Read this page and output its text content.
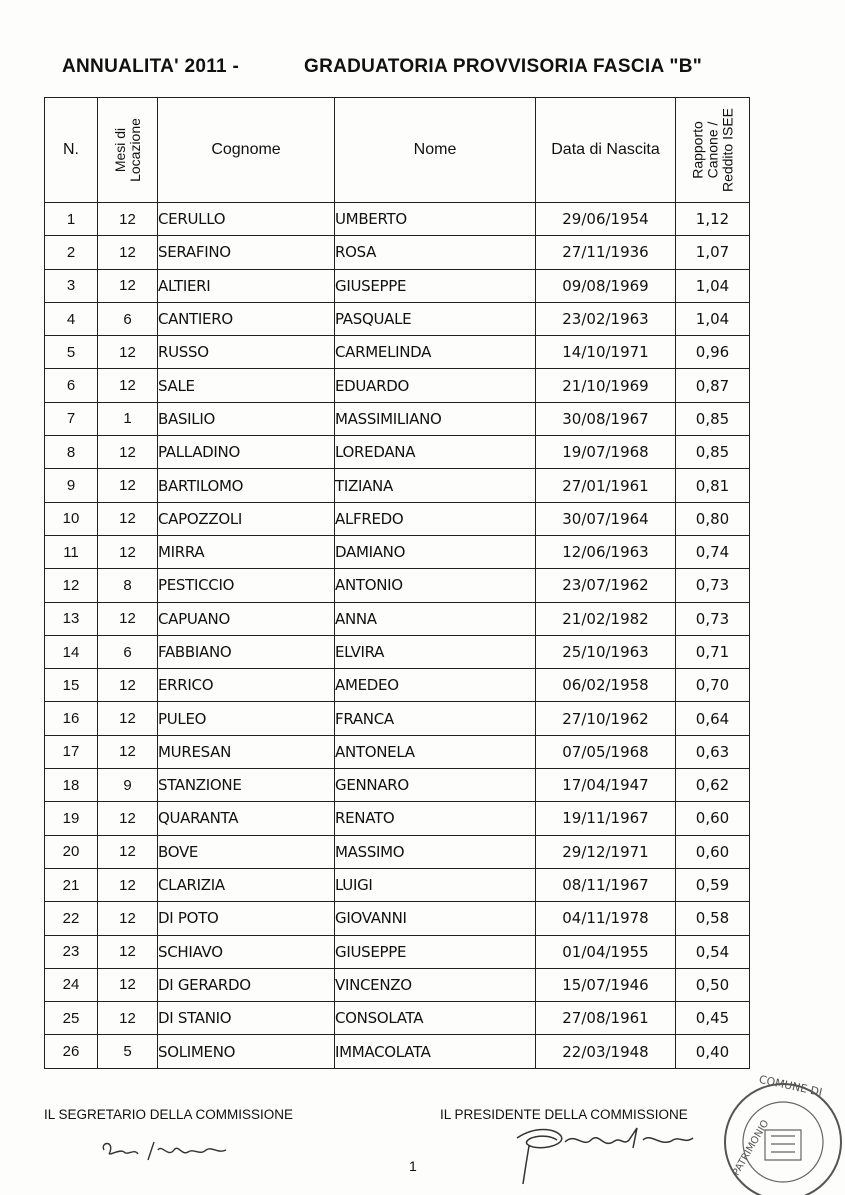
ANNUALITA' 2011 -	GRADUATORIA PROVVISORIA FASCIA "B"
N.	Mesi di Locazione	Cognome	Nome	Data di Nascita	Rapporto Canone / Reddito ISEE

1	12	CERULLO	UMBERTO	29/06/1954	1,12
2	12	SERAFINO	ROSA	27/11/1936	1,07
3	12	ALTIERI	GIUSEPPE	09/08/1969	1,04
4	6	CANTIERO	PASQUALE	23/02/1963	1,04
5	12	RUSSO	CARMELINDA	14/10/1971	0,96
6	12	SALE	EDUARDO	21/10/1969	0,87
7	1	BASILIO	MASSIMILIANO	30/08/1967	0,85
8	12	PALLADINO	LOREDANA	19/07/1968	0,85
9	12	BARTILOMO	TIZIANA	27/01/1961	0,81
10	12	CAPOZZOLI	ALFREDO	30/07/1964	0,80
11	12	MIRRA	DAMIANO	12/06/1963	0,74
12	8	PESTICCIO	ANTONIO	23/07/1962	0,73
13	12	CAPUANO	ANNA	21/02/1982	0,73
14	6	FABBIANO	ELVIRA	25/10/1963	0,71
15	12	ERRICO	AMEDEO	06/02/1958	0,70
16	12	PULEO	FRANCA	27/10/1962	0,64
17	12	MURESAN	ANTONELA	07/05/1968	0,63
18	9	STANZIONE	GENNARO	17/04/1947	0,62
19	12	QUARANTA	RENATO	19/11/1967	0,60
20	12	BOVE	MASSIMO	29/12/1971	0,60
21	12	CLARIZIA	LUIGI	08/11/1967	0,59
22	12	DI POTO	GIOVANNI	04/11/1978	0,58
23	12	SCHIAVO	GIUSEPPE	01/04/1955	0,54
24	12	DI GERARDO	VINCENZO	15/07/1946	0,50
25	12	DI STANIO	CONSOLATA	27/08/1961	0,45
26	5	SOLIMENO	IMMACOLATA	22/03/1948	0,40
IL SEGRETARIO DELLA COMMISSIONE	IL PRESIDENTE DELLA COMMISSIONE
1
COMUNE DI
PATRIMONIO
